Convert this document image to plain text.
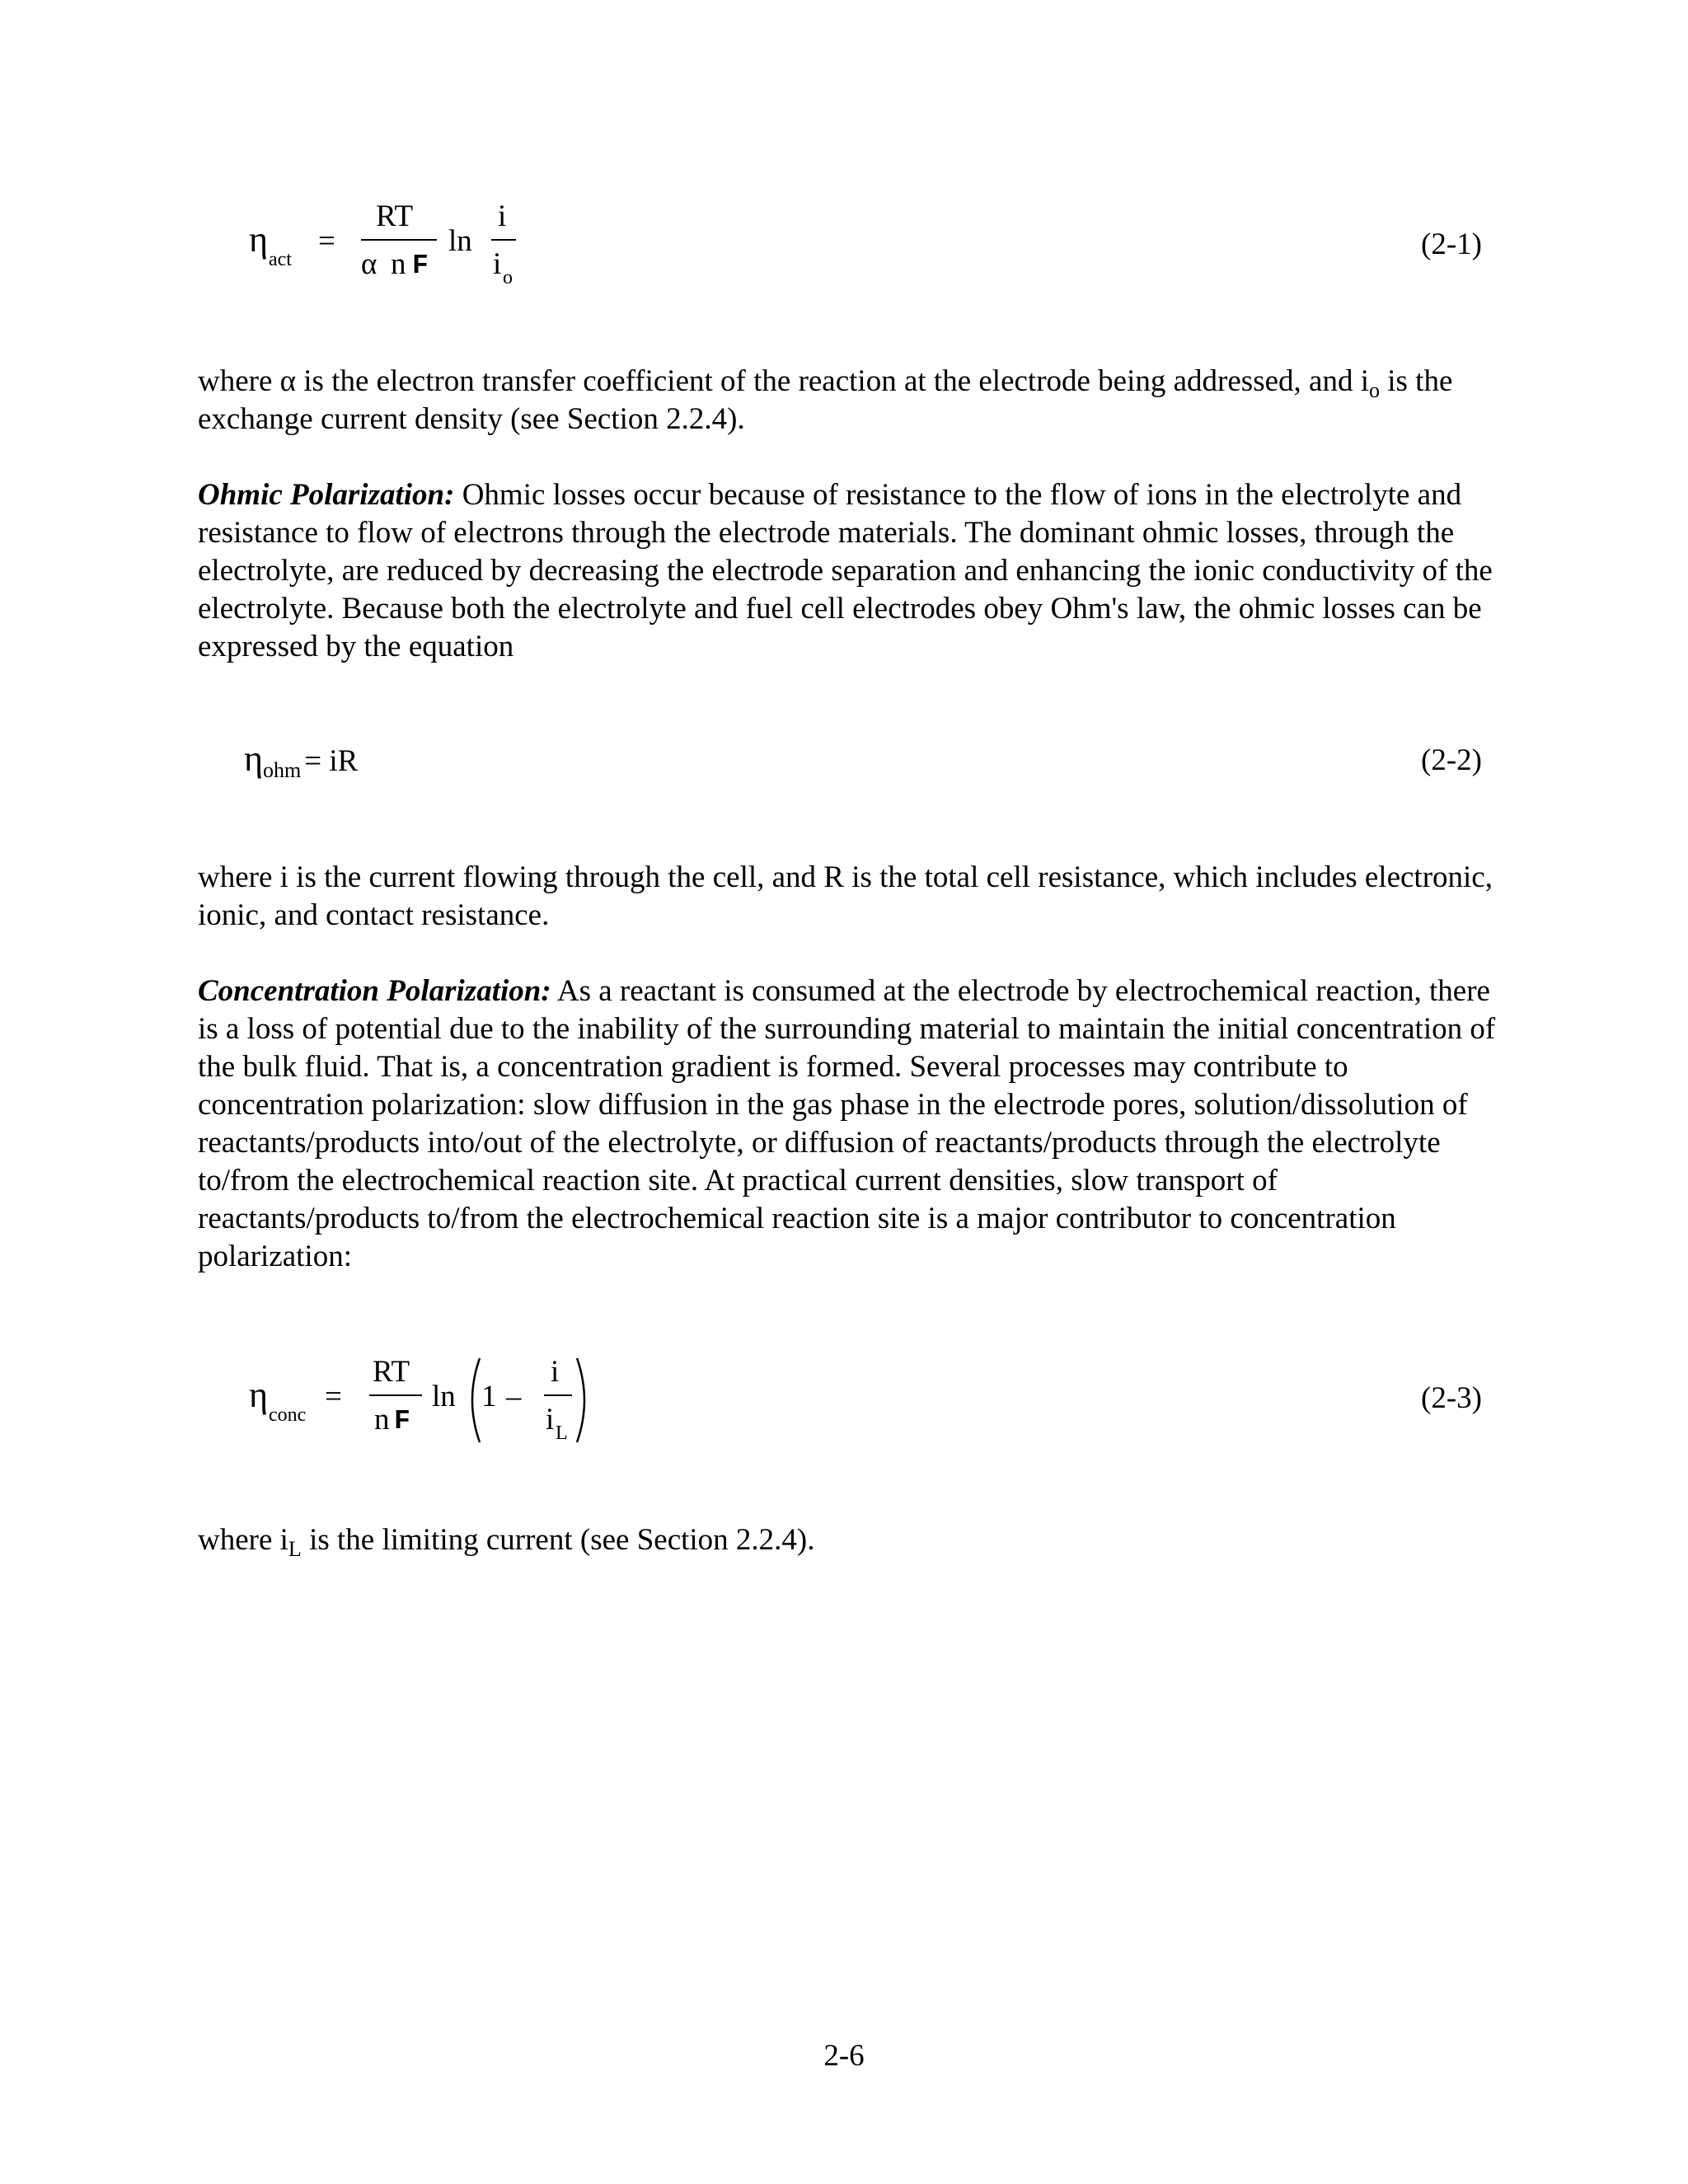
η act
=
RT
α n F
ln
i
i o
(2-1)
where α is the electron transfer coefficient of the reaction at the electrode being addressed, and $i_o$ is the exchange current density (see Section 2.2.4).
Ohmic Polarization: Ohmic losses occur because of resistance to the flow of ions in the electrolyte and resistance to flow of electrons through the electrode materials. The dominant ohmic losses, through the electrolyte, are reduced by decreasing the electrode separation and enhancing the ionic conductivity of the electrolyte. Because both the electrolyte and fuel cell electrodes obey Ohm's law, the ohmic losses can be expressed by the equation
$\eta_{ohm}$ = iR	(2-2)
where i is the current flowing through the cell, and R is the total cell resistance, which includes electronic, ionic, and contact resistance.
Concentration Polarization: As a reactant is consumed at the electrode by electrochemical reaction, there is a loss of potential due to the inability of the surrounding material to maintain the initial concentration of the bulk fluid. That is, a concentration gradient is formed. Several processes may contribute to concentration polarization: slow diffusion in the gas phase in the electrode pores, solution/dissolution of reactants/products into/out of the electrolyte, or diffusion of reactants/products through the electrolyte to/from the electrochemical reaction site. At practical current densities, slow transport of reactants/products to/from the electrochemical reaction site is a major contributor to concentration polarization:
η conc
=
RT
n F
ln 1 –
i
i L
(2-3)
where $i_L$ is the limiting current (see Section 2.2.4).
2-6
